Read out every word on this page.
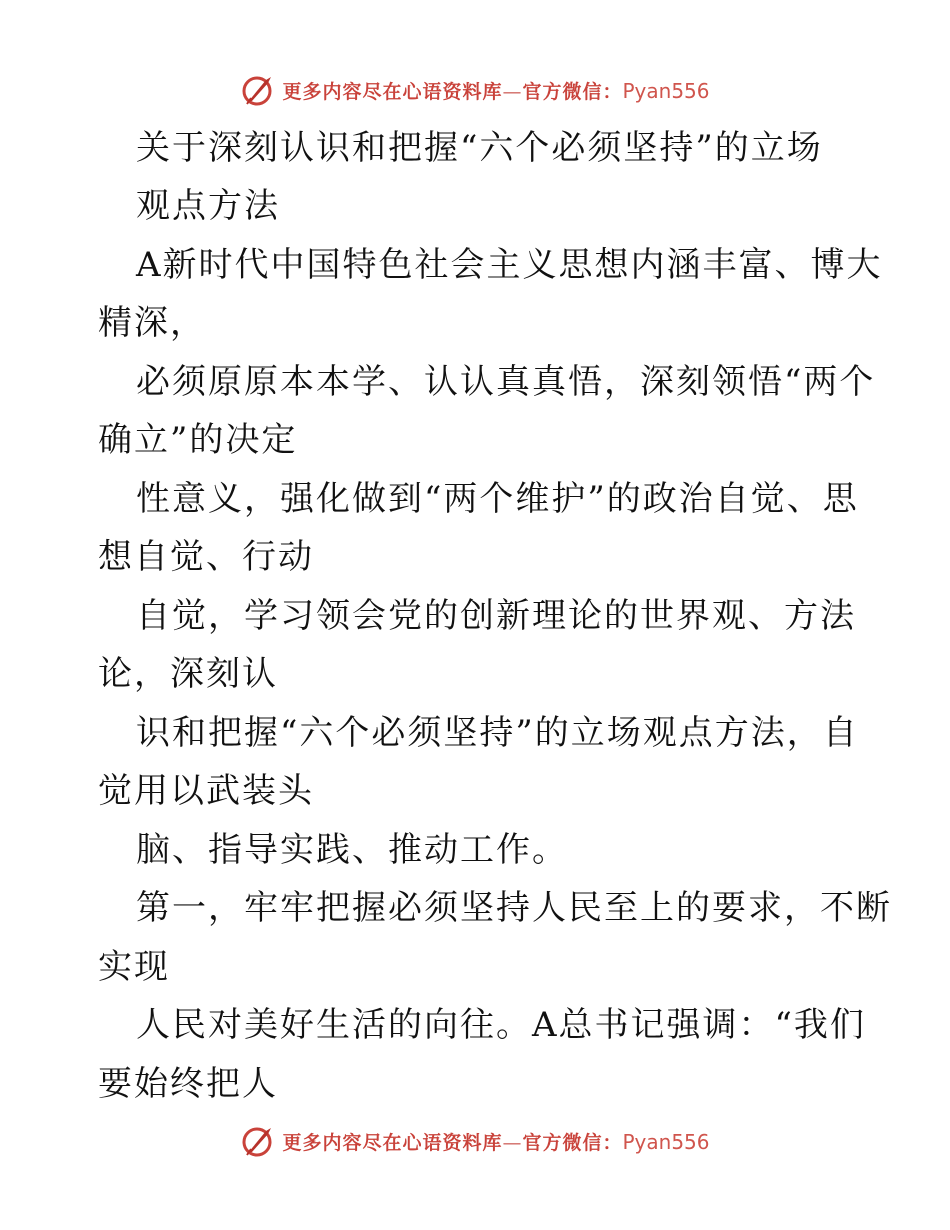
更多内容尽在心语资料库—官方微信：Pyan556
关于深刻认识和把握“六个必须坚持”的立场
观点方法
A新时代中国特色社会主义思想内涵丰富、博大
精深，
必须原原本本学、认认真真悟，深刻领悟“两个
确立”的决定
性意义，强化做到“两个维护”的政治自觉、思
想自觉、行动
自觉，学习领会党的创新理论的世界观、方法
论，深刻认
识和把握“六个必须坚持”的立场观点方法，自
觉用以武装头
脑、指导实践、推动工作。
第一，牢牢把握必须坚持人民至上的要求，不断
实现
人民对美好生活的向往。A总书记强调：“我们
要始终把人
更多内容尽在心语资料库—官方微信：Pyan556
